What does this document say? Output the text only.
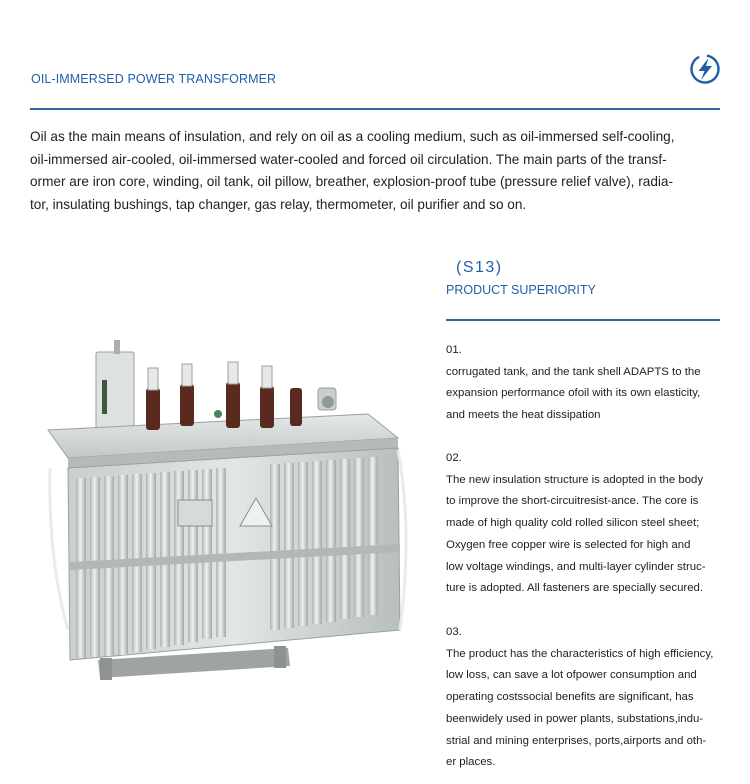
OIL-IMMERSED POWER TRANSFORMER
Oil as the main means of insulation, and rely on oil as a cooling medium, such as oil-immersed self-cooling,
oil-immersed air-cooled, oil-immersed water-cooled and forced oil circulation. The main parts of the transf-
ormer are iron core, winding, oil tank, oil pillow, breather, explosion-proof tube (pressure relief valve), radia-
tor, insulating bushings, tap changer, gas relay, thermometer, oil purifier and so on.
(S13)
PRODUCT SUPERIORITY
01.
corrugated tank, and the tank shell ADAPTS to the
expansion performance ofoil with its own elasticity,
and meets the heat dissipation
02.
The new insulation structure is adopted in the body
to improve the short-circuitresist-ance. The core is
made of high quality cold rolled silicon steel sheet;
Oxygen free copper wire is selected for high and
low voltage windings, and multi-layer cylinder struc-
ture is adopted. All fasteners are specially secured.
03.
The product has the characteristics of high efficiency,
low loss, can save a lot ofpower consumption and
operating costssocial benefits are significant, has
beenwidely used in power plants, substations,indu-
strial and mining enterprises, ports,airports and oth-
er places.
